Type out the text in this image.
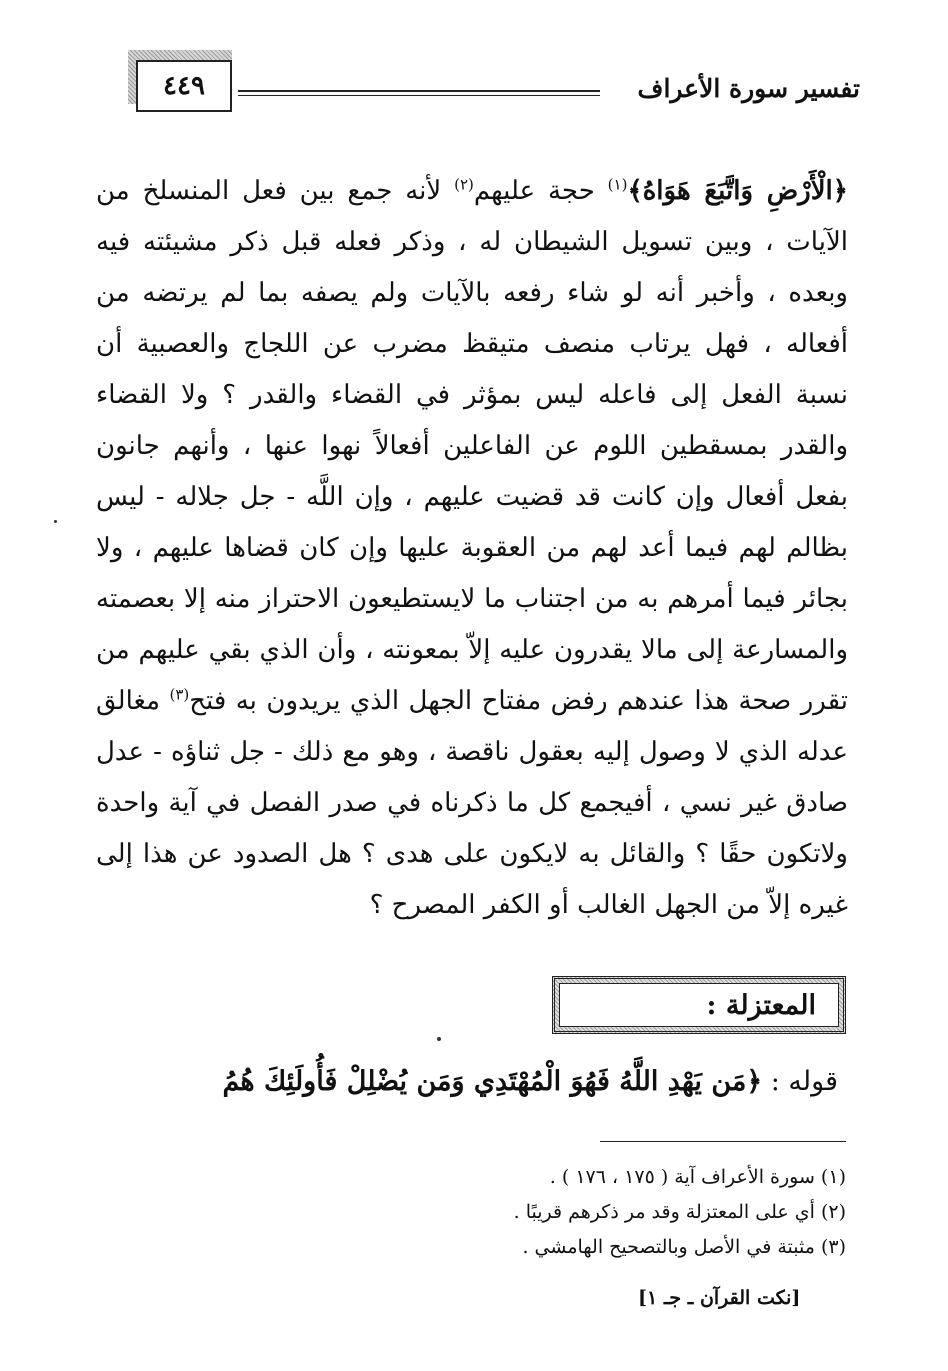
تفسير سورة الأعراف
٤٤٩

﴿الْأَرْضِ وَاتَّبَعَ هَوَاهُ﴾$^{(١)}$ حجة عليهم$^{(٢)}$ لأنه جمع بين فعل المنسلخ من الآيات ، وبين تسويل الشيطان له ، وذكر فعله قبل ذكر مشيئته فيه وبعده ، وأخبر أنه لو شاء رفعه بالآيات ولم يصفه بما لم يرتضه من أفعاله ، فهل يرتاب منصف متيقظ مضرب عن اللجاج والعصبية أن نسبة الفعل إلى فاعله ليس بمؤثر في القضاء والقدر ؟ ولا القضاء والقدر بمسقطين اللوم عن الفاعلين أفعالاً نهوا عنها ، وأنهم جانون بفعل أفعال وإن كانت قد قضيت عليهم ، وإن اللَّه - جل جلاله - ليس بظالم لهم فيما أعد لهم من العقوبة عليها وإن كان قضاها عليهم ، ولا بجائر فيما أمرهم به من اجتناب ما لايستطيعون الاحتراز منه إلا بعصمته والمسارعة إلى مالا يقدرون عليه إلاّ بمعونته ، وأن الذي بقي عليهم من تقرر صحة هذا عندهم رفض مفتاح الجهل الذي يريدون به فتح$^{(٣)}$ مغالق عدله الذي لا وصول إليه بعقول ناقصة ، وهو مع ذلك - جل ثناؤه - عدل صادق غير نسي ، أفيجمع كل ما ذكرناه في صدر الفصل في آية واحدة ولاتكون حقًا ؟ والقائل به لايكون على هدى ؟ هل الصدود عن هذا إلى غيره إلاّ من الجهل الغالب أو الكفر المصرح ؟

المعتزلة :
قوله : ﴿مَن يَهْدِ اللَّهُ فَهُوَ الْمُهْتَدِي وَمَن يُضْلِلْ فَأُولَئِكَ هُمُ
(١) سورة الأعراف آية ( ١٧٥ ، ١٧٦ ) .
(٢) أي على المعتزلة وقد مر ذكرهم قريبًا .
(٣) مثبتة في الأصل وبالتصحيح الهامشي .
[نكت القرآن ـ جـ ١]
